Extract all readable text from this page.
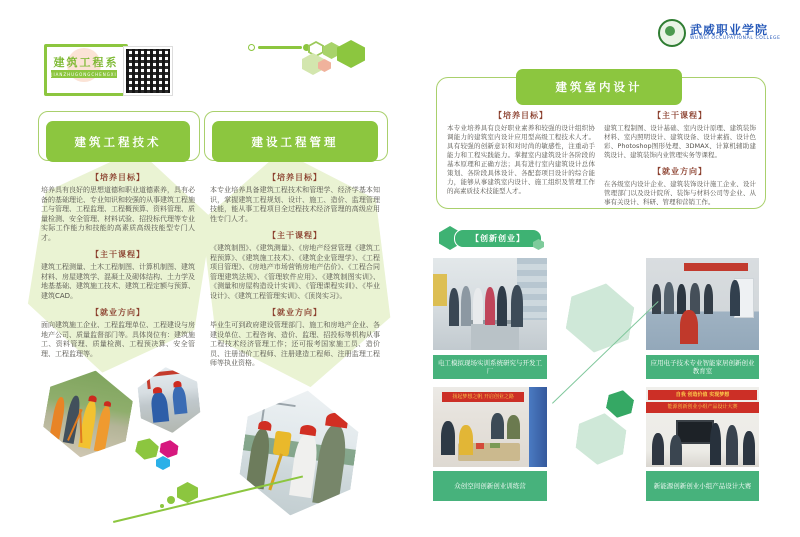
建筑工程系
JIANZHUGONGCHENGXI
建筑工程技术
【培养目标】

培养具有良好的思想道德和职业道德素养，具有必备的基础理论、专业知识和较强的从事建筑工程施工与管理、工程监理、工程概预算、资料管理、质量检测、安全管理、材料试验、招投标代理等专业实际工作能力和技能的高素质高级技能型专门人才。

【主干课程】

建筑工程测量、土木工程制图、计算机制图、建筑材料、房屋建筑学、混凝土及砌体结构、土力学及地基基础、建筑施工技术、建筑工程定额与预算、建筑CAD。

【就业方向】

面向建筑施工企业、工程监理单位、工程建设与房地产公司、质量监督部门等。具体岗位有：建筑施工、资料管理、质量检测、工程预决算、安全管理、工程监理等。

建设工程管理
【培养目标】

本专业培养具备建筑工程技术和管理学、经济学基本知识，掌握建筑工程规划、设计、施工、造价、监理管理技能，能从事工程项目全过程技术经济管理的高级应用性专门人才。

【主干课程】

《建筑制图》、《建筑测量》、《房地产经营管理《建筑工程预算》、《建筑施工技术》、《建筑企业管理学》、《工程项目管理》、《房地产市场营销房地产估价》、《工程合同管理建筑法规》、《管理软件应用》、《建筑制图实训》、《测量和房屋构造设计实训》、《管理课程实训》、《毕业设计》、《建筑工程管理实训》、《顶岗实习》。

【就业方向】

毕业生可到政府建设管理部门、施工和房地产企业、各建设单位、工程咨询、造价、监理、招投标等机构从事工程技术经济管理工作；还可报考国家施工员、造价员、注册造价工程师、注册建造工程师、注册监理工程师等执业资格。

武威职业学院
WUWEI OCCUPATIONAL COLLEGE
建筑室内设计
【培养目标】

本专业培养具有良好职业素养和较强的设计组织协调能力的建筑室内设计应用型高级工程技术人才。具有较强的创新意识和对时尚的敏感性，注重动手能力和工程实践能力。掌握室内建筑设计各阶段的基本原理和正确方法；具有进行室内建筑设计总体策划、各阶段具体设计、各配套项目设计的综合能力，能够从事建筑室内设计、施工组织及管理工作的高素质技术技能型人才。

【主干课程】

建筑工程制图、设计基础、室内设计原理、建筑装饰材料、室内照明设计、建筑设备、设计素描、设计色彩、Photoshop图形处理、3DMAX、计算机辅助建筑设计、建筑装饰内业管理实务等课程。

【就业方向】

在各级室内设计企业、建筑装饰设计施工企业、设计管理部门以及设计院所、装饰与材料公司等企业、从事有关设计、科研、管理和营销工作。

【创新创业】
电工模拟现场实训系统研究与开发工厂
应用电子技术专业智能家居创新创业教育室
扬起梦想之帆 开启创业之路
众创空间创新创业训练营
自我 创造价值 实现梦想
能源创新创业小组产品设计大赛
新能源创新创业小组产品设计大赛
